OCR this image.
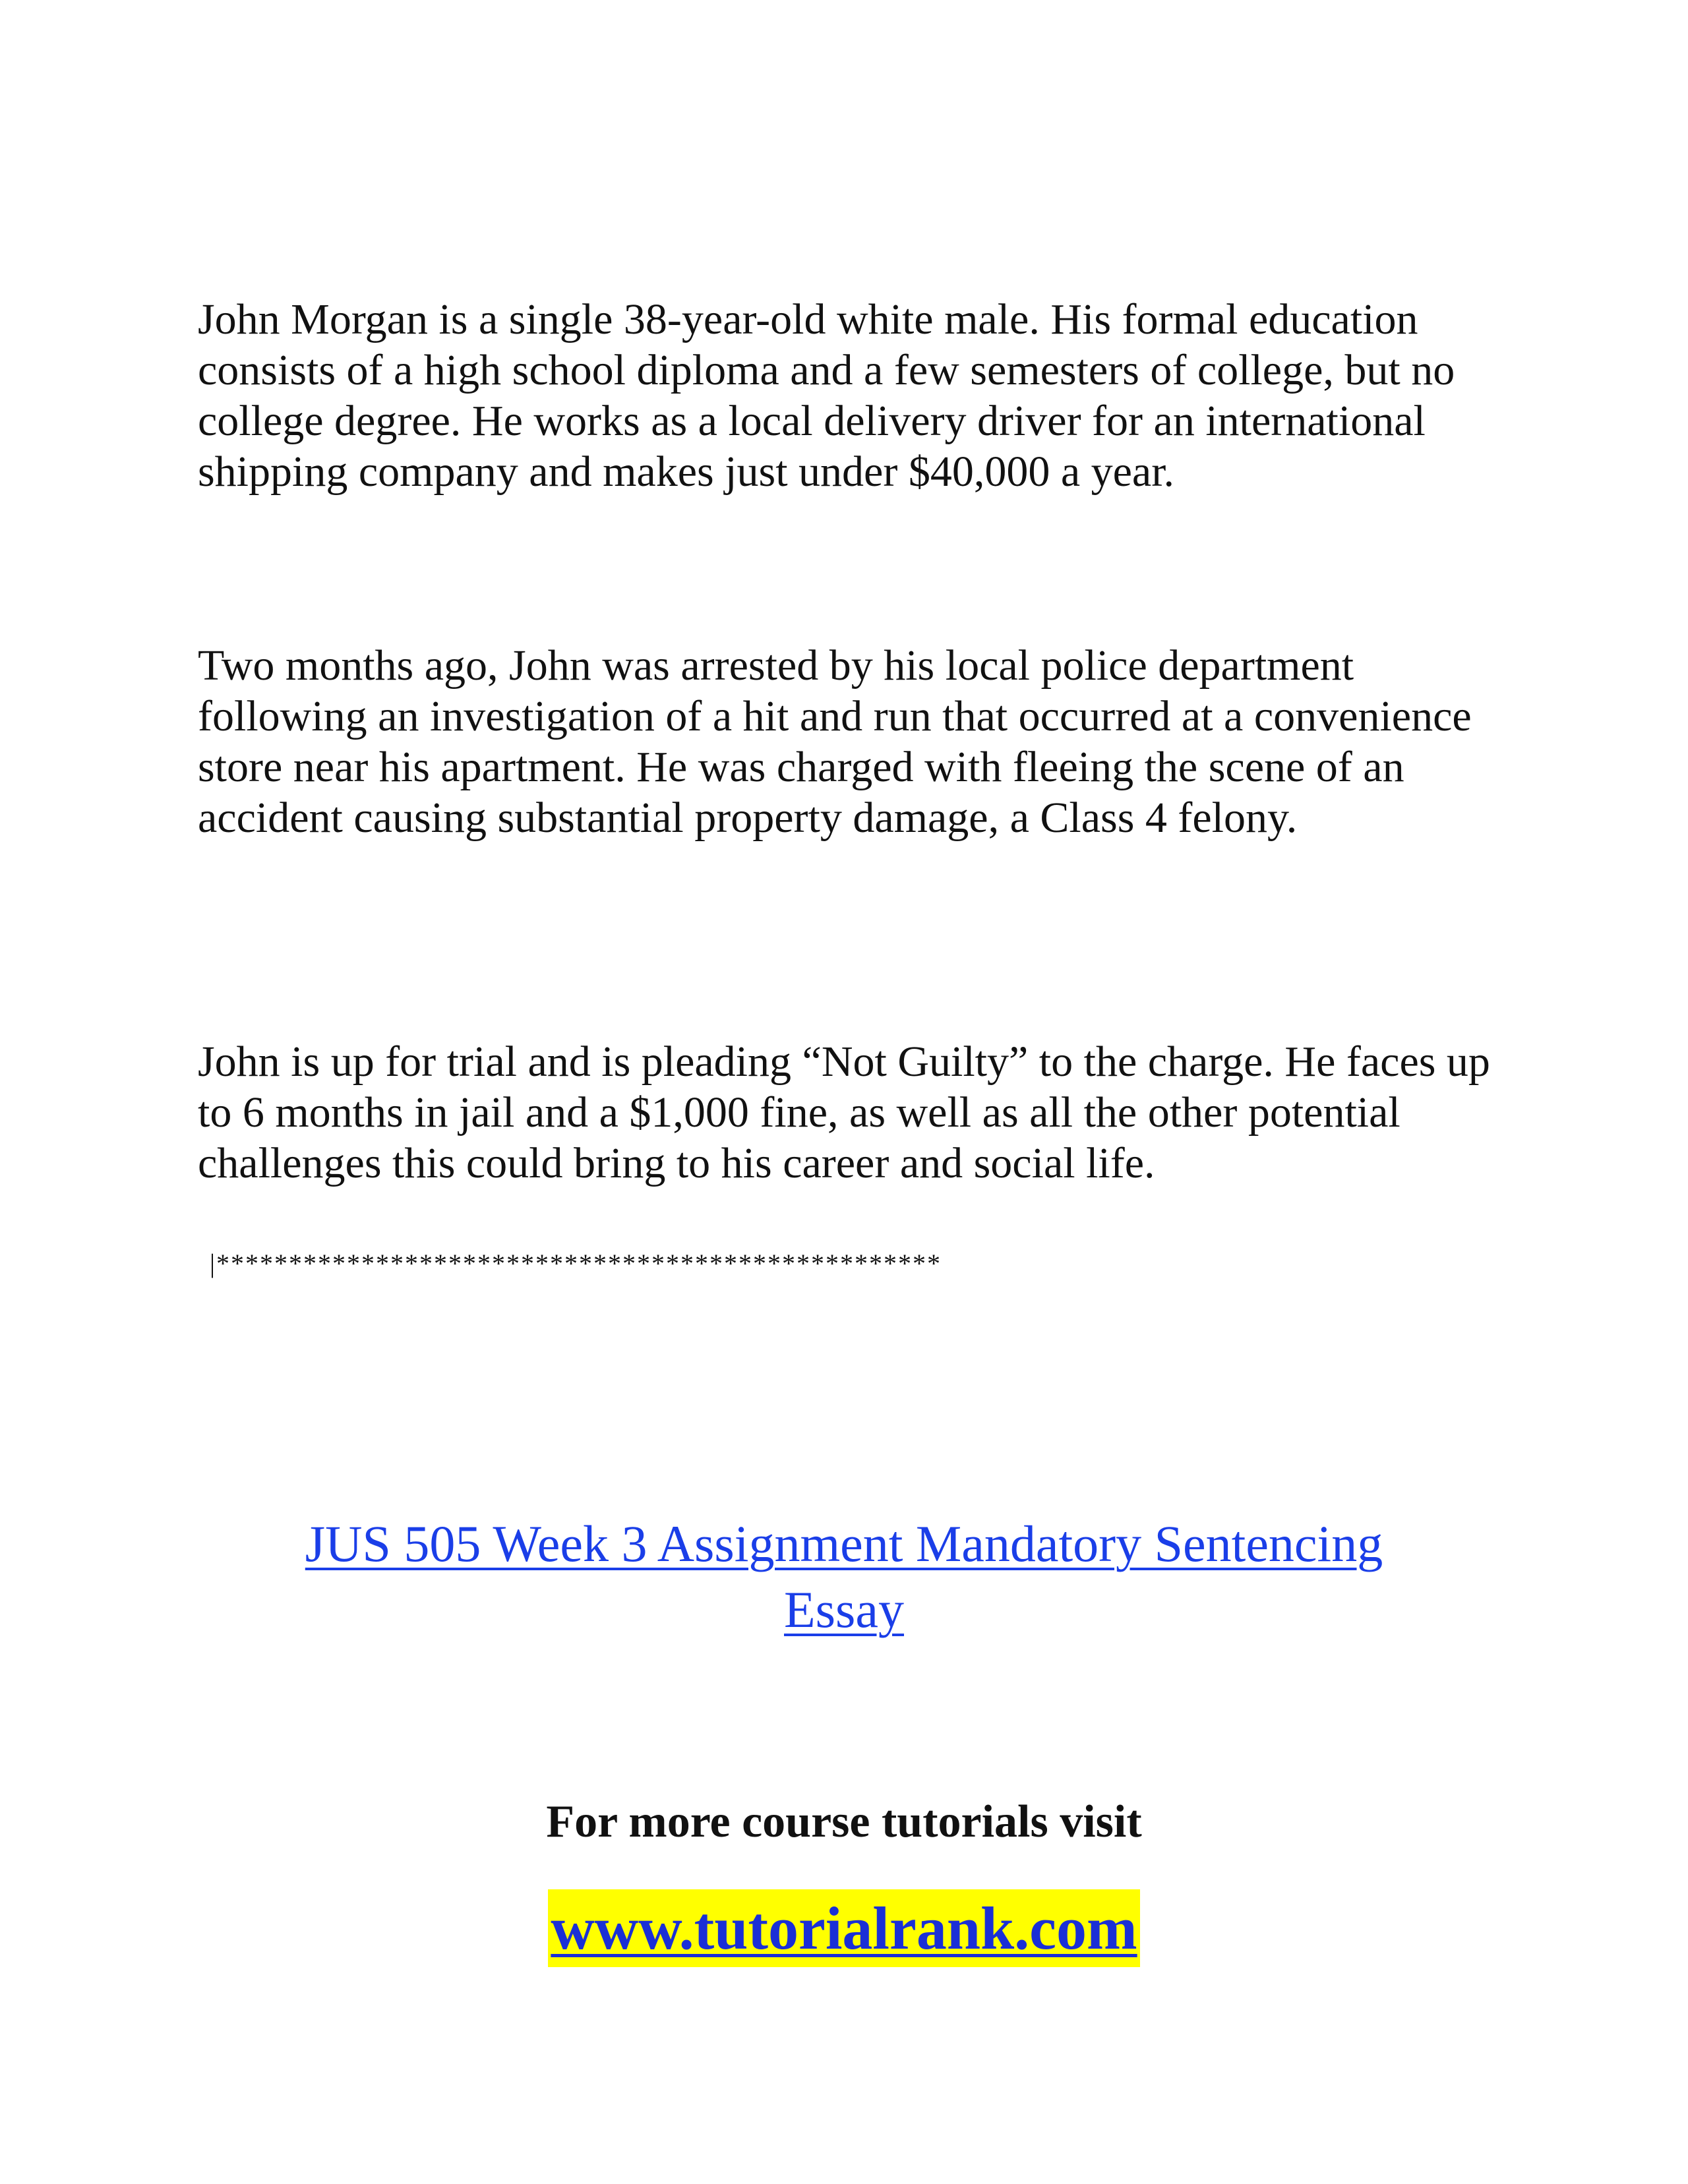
John Morgan is a single 38-year-old white male. His formal education consists of a high school diploma and a few semesters of college, but no college degree. He works as a local delivery driver for an international shipping company and makes just under $40,000 a year.

Two months ago, John was arrested by his local police department following an investigation of a hit and run that occurred at a convenience store near his apartment. He was charged with fleeing the scene of an accident causing substantial property damage, a Class 4 felony.

John is up for trial and is pleading “Not Guilty” to the charge. He faces up to 6 months in jail and a $1,000 fine, as well as all the other potential challenges this could bring to his career and social life.

|**************************************************
JUS 505 Week 3 Assignment Mandatory Sentencing
Essay
For more course tutorials visit
www.tutorialrank.com
